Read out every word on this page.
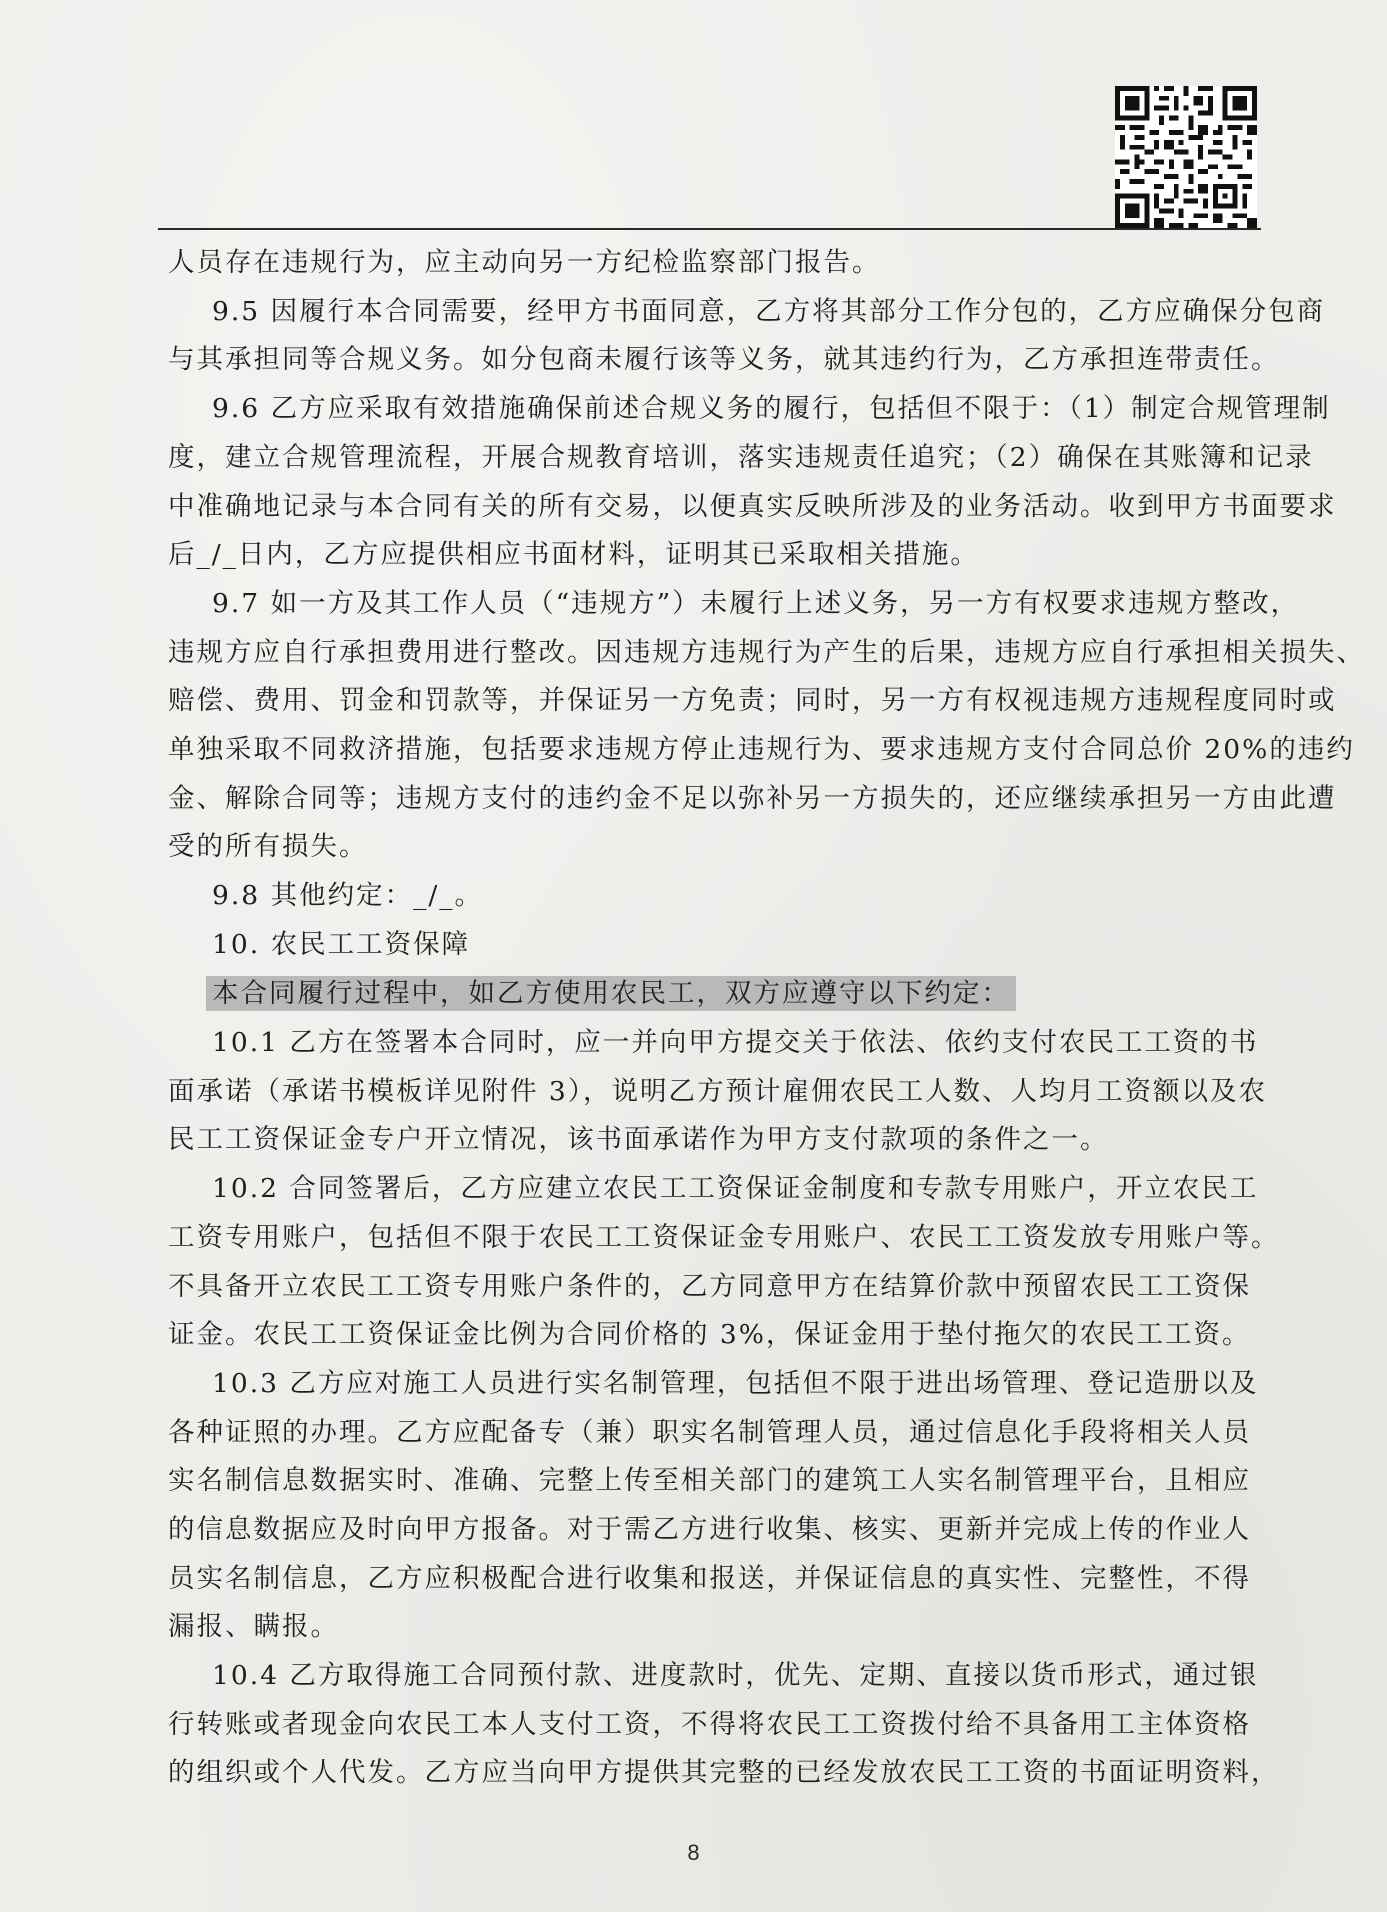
人员存在违规行为，应主动向另一方纪检监察部门报告。
9.5 因履行本合同需要，经甲方书面同意，乙方将其部分工作分包的，乙方应确保分包商
与其承担同等合规义务。如分包商未履行该等义务，就其违约行为，乙方承担连带责任。
9.6 乙方应采取有效措施确保前述合规义务的履行，包括但不限于：（1）制定合规管理制
度，建立合规管理流程，开展合规教育培训，落实违规责任追究；（2）确保在其账簿和记录
中准确地记录与本合同有关的所有交易，以便真实反映所涉及的业务活动。收到甲方书面要求
后_/_日内，乙方应提供相应书面材料，证明其已采取相关措施。
9.7 如一方及其工作人员（“违规方”）未履行上述义务，另一方有权要求违规方整改，
违规方应自行承担费用进行整改。因违规方违规行为产生的后果，违规方应自行承担相关损失、
赔偿、费用、罚金和罚款等，并保证另一方免责；同时，另一方有权视违规方违规程度同时或
单独采取不同救济措施，包括要求违规方停止违规行为、要求违规方支付合同总价 20%的违约
金、解除合同等；违规方支付的违约金不足以弥补另一方损失的，还应继续承担另一方由此遭
受的所有损失。
9.8 其他约定：_/_。
10. 农民工工资保障
本合同履行过程中，如乙方使用农民工，双方应遵守以下约定：
10.1 乙方在签署本合同时，应一并向甲方提交关于依法、依约支付农民工工资的书
面承诺（承诺书模板详见附件 3），说明乙方预计雇佣农民工人数、人均月工资额以及农
民工工资保证金专户开立情况，该书面承诺作为甲方支付款项的条件之一。
10.2 合同签署后，乙方应建立农民工工资保证金制度和专款专用账户，开立农民工
工资专用账户，包括但不限于农民工工资保证金专用账户、农民工工资发放专用账户等。
不具备开立农民工工资专用账户条件的，乙方同意甲方在结算价款中预留农民工工资保
证金。农民工工资保证金比例为合同价格的 3%，保证金用于垫付拖欠的农民工工资。
10.3 乙方应对施工人员进行实名制管理，包括但不限于进出场管理、登记造册以及
各种证照的办理。乙方应配备专（兼）职实名制管理人员，通过信息化手段将相关人员
实名制信息数据实时、准确、完整上传至相关部门的建筑工人实名制管理平台，且相应
的信息数据应及时向甲方报备。对于需乙方进行收集、核实、更新并完成上传的作业人
员实名制信息，乙方应积极配合进行收集和报送，并保证信息的真实性、完整性，不得
漏报、瞒报。
10.4 乙方取得施工合同预付款、进度款时，优先、定期、直接以货币形式，通过银
行转账或者现金向农民工本人支付工资，不得将农民工工资拨付给不具备用工主体资格
的组织或个人代发。乙方应当向甲方提供其完整的已经发放农民工工资的书面证明资料，
8
